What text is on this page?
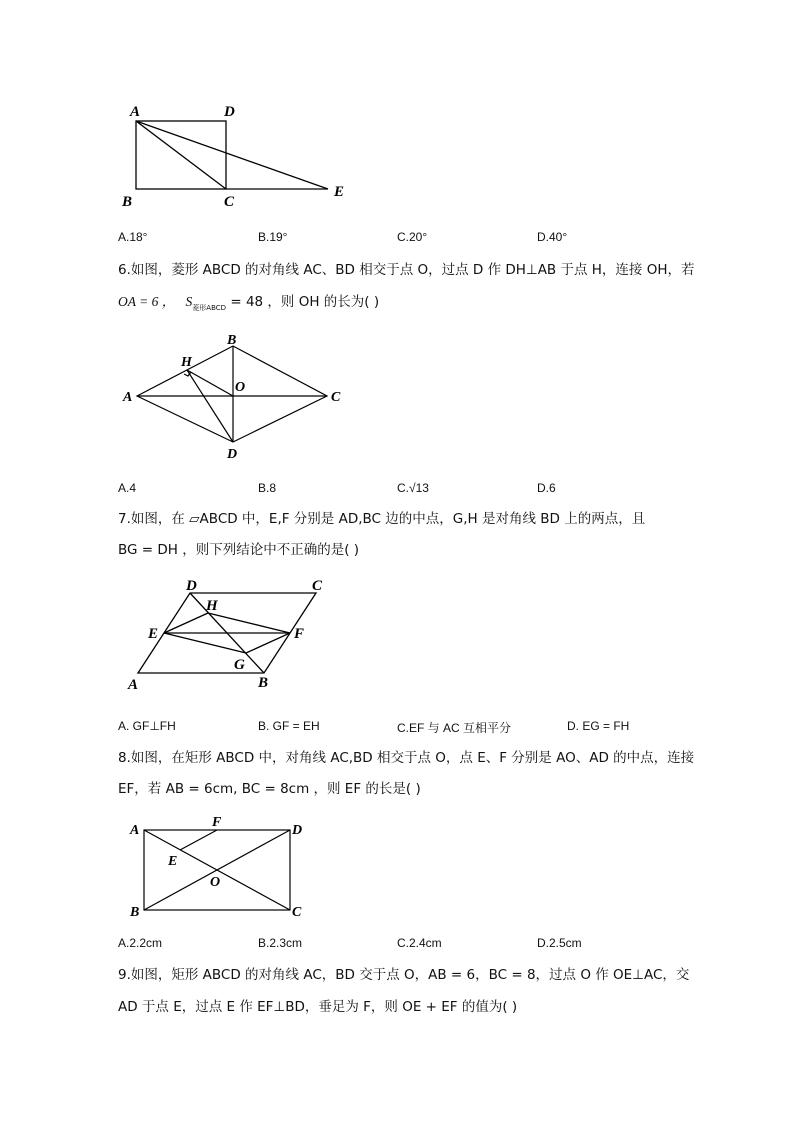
A	D
B	C
E
A.18°	B.19°	C.20°	D.40°
6.如图，菱形 ABCD 的对角线 AC、BD 相交于点 O，过点 D 作 DH⊥AB 于点 H，连接 OH，若
OA = 6 ， $S_{菱形ABCD} = 48$ ，则 OH 的长为( )
B
H
O
A	C
D
A.4	B.8	C.√13	D.6
7.如图，在 ▱ABCD 中，E,F 分别是 AD,BC 边的中点，G,H 是对角线 BD 上的两点，且
BG = DH ，则下列结论中不正确的是( )
D	C
H
E	F
G
A	B
A. GF⊥FH	B. GF = EH	C.EF 与 AC 互相平分	D. EG = FH
8.如图，在矩形 ABCD 中，对角线 AC,BD 相交于点 O，点 E、F 分别是 AO、AD 的中点，连接
EF，若 AB = 6cm, BC = 8cm ，则 EF 的长是( )
A
F
D
E
O
B	C
A.2.2cm	B.2.3cm	C.2.4cm	D.2.5cm
9.如图，矩形 ABCD 的对角线 AC，BD 交于点 O，AB = 6，BC = 8，过点 O 作 OE⊥AC，交
AD 于点 E，过点 E 作 EF⊥BD，垂足为 F，则 OE + EF 的值为( )
